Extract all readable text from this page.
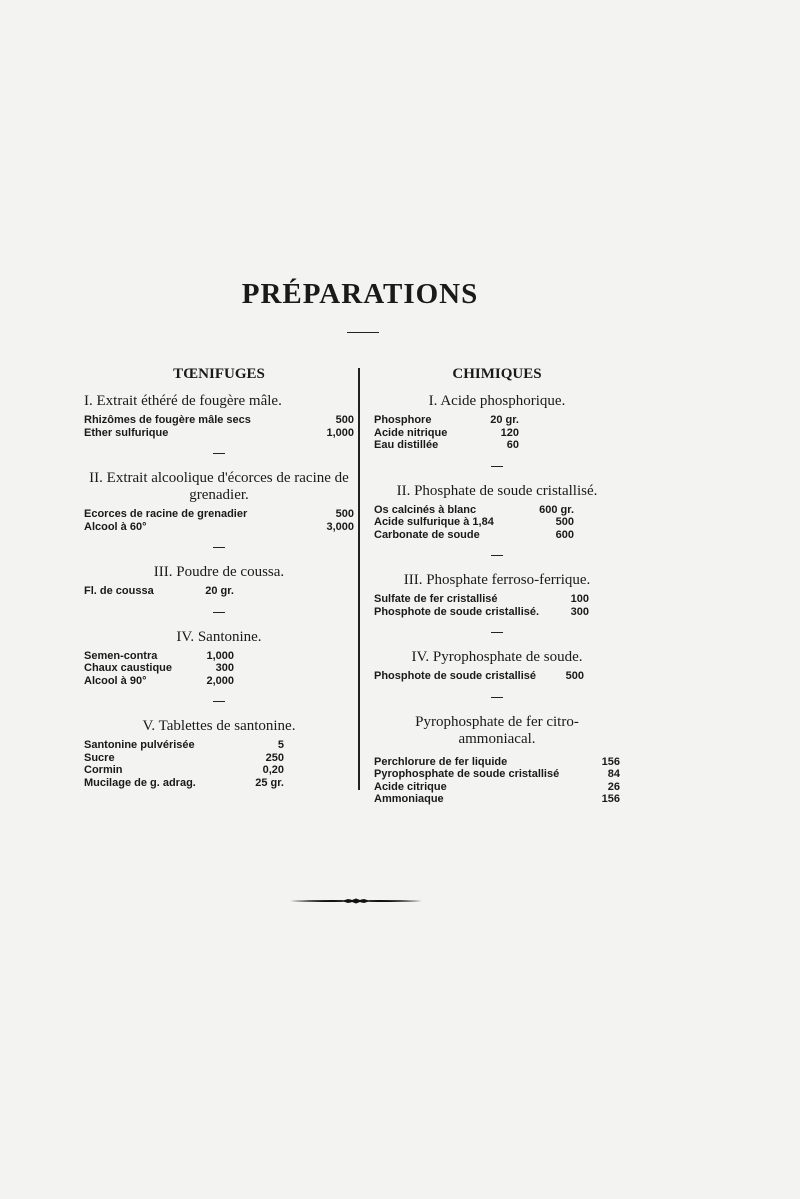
PRÉPARATIONS
TŒNIFUGES
I. Extrait éthéré de fougère mâle.
Rhizômes de fougère mâle secs	500
Ether sulfurique	1,000
II. Extrait alcoolique d'écorces de racine de grenadier.
Ecorces de racine de grenadier	500
Alcool à 60°	3,000
III. Poudre de coussa.
Fl. de coussa	20 gr.
IV. Santonine.
Semen-contra	1,000
Chaux caustique	300
Alcool à 90°	2,000
V. Tablettes de santonine.
Santonine pulvérisée	5
Sucre	250
Cormin	0,20
Mucilage de g. adrag.	25 gr.
CHIMIQUES
I. Acide phosphorique.
Phosphore	20 gr.
Acide nitrique	120
Eau distillée	60
II. Phosphate de soude cristallisé.
Os calcinés à blanc	600 gr.
Acide sulfurique à 1,84	500
Carbonate de soude	600
III. Phosphate ferroso-ferrique.
Sulfate de fer cristallisé	100
Phosphote de soude cristallisé.	300
IV. Pyrophosphate de soude.
Phosphote de soude cristallisé	500
Pyrophosphate de fer citro-ammoniacal.
Perchlorure de fer liquide	156
Pyrophosphate de soude cristallisé	84
Acide citrique	26
Ammoniaque	156
